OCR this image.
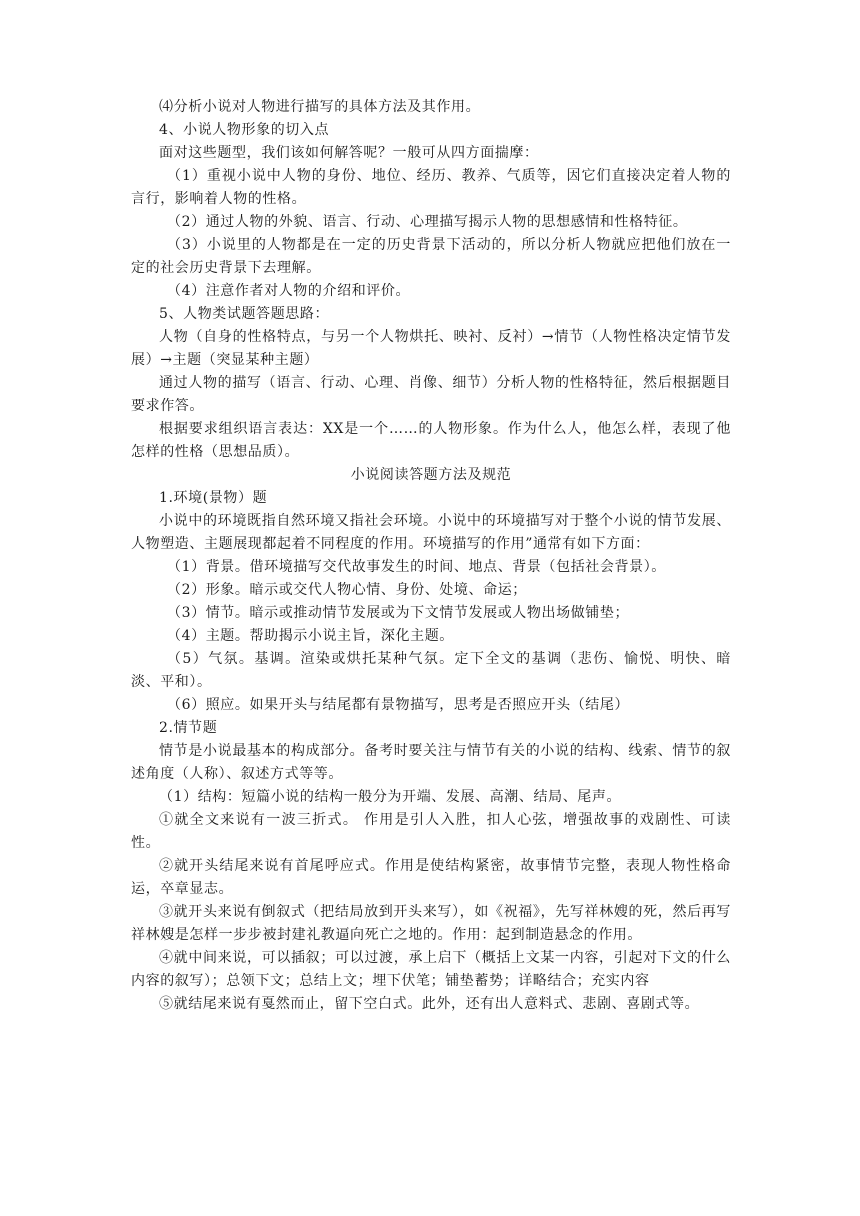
⑷分析小说对人物进行描写的具体方法及其作用。

4、小说人物形象的切入点

面对这些题型，我们该如何解答呢？一般可从四方面揣摩：

（1）重视小说中人物的身份、地位、经历、教养、气质等，因它们直接决定着人物的言行，影响着人物的性格。

（2）通过人物的外貌、语言、行动、心理描写揭示人物的思想感情和性格特征。

（3）小说里的人物都是在一定的历史背景下活动的，所以分析人物就应把他们放在一定的社会历史背景下去理解。

（4）注意作者对人物的介绍和评价。

5、人物类试题答题思路：

人物（自身的性格特点，与另一个人物烘托、映衬、反衬）→情节（人物性格决定情节发展）→主题（突显某种主题）

通过人物的描写（语言、行动、心理、肖像、细节）分析人物的性格特征，然后根据题目要求作答。

根据要求组织语言表达：XX是一个……的人物形象。作为什么人，他怎么样，表现了他怎样的性格（思想品质）。

小说阅读答题方法及规范

1.环境(景物）题

小说中的环境既指自然环境又指社会环境。小说中的环境描写对于整个小说的情节发展、人物塑造、主题展现都起着不同程度的作用。环境描写的作用”通常有如下方面：

（1）背景。借环境描写交代故事发生的时间、地点、背景（包括社会背景）。

（2）形象。暗示或交代人物心情、身份、处境、命运；

（3）情节。暗示或推动情节发展或为下文情节发展或人物出场做铺垫；

（4）主题。帮助揭示小说主旨，深化主题。

（5）气氛。基调。渲染或烘托某种气氛。定下全文的基调（悲伤、愉悦、明快、暗淡、平和）。

（6）照应。如果开头与结尾都有景物描写，思考是否照应开头（结尾）

2.情节题

情节是小说最基本的构成部分。备考时要关注与情节有关的小说的结构、线索、情节的叙述角度（人称）、叙述方式等等。

（1）结构：短篇小说的结构一般分为开端、发展、高潮、结局、尾声。

①就全文来说有一波三折式。 作用是引人入胜，扣人心弦，增强故事的戏剧性、可读性。

②就开头结尾来说有首尾呼应式。作用是使结构紧密，故事情节完整，表现人物性格命运，卒章显志。

③就开头来说有倒叙式（把结局放到开头来写），如《祝福》，先写祥林嫂的死，然后再写祥林嫂是怎样一步步被封建礼教逼向死亡之地的。作用：起到制造悬念的作用。

④就中间来说，可以插叙；可以过渡，承上启下（概括上文某一内容，引起对下文的什么内容的叙写）；总领下文；总结上文；埋下伏笔；铺垫蓄势；详略结合；充实内容

⑤就结尾来说有戛然而止，留下空白式。此外，还有出人意料式、悲剧、喜剧式等。
